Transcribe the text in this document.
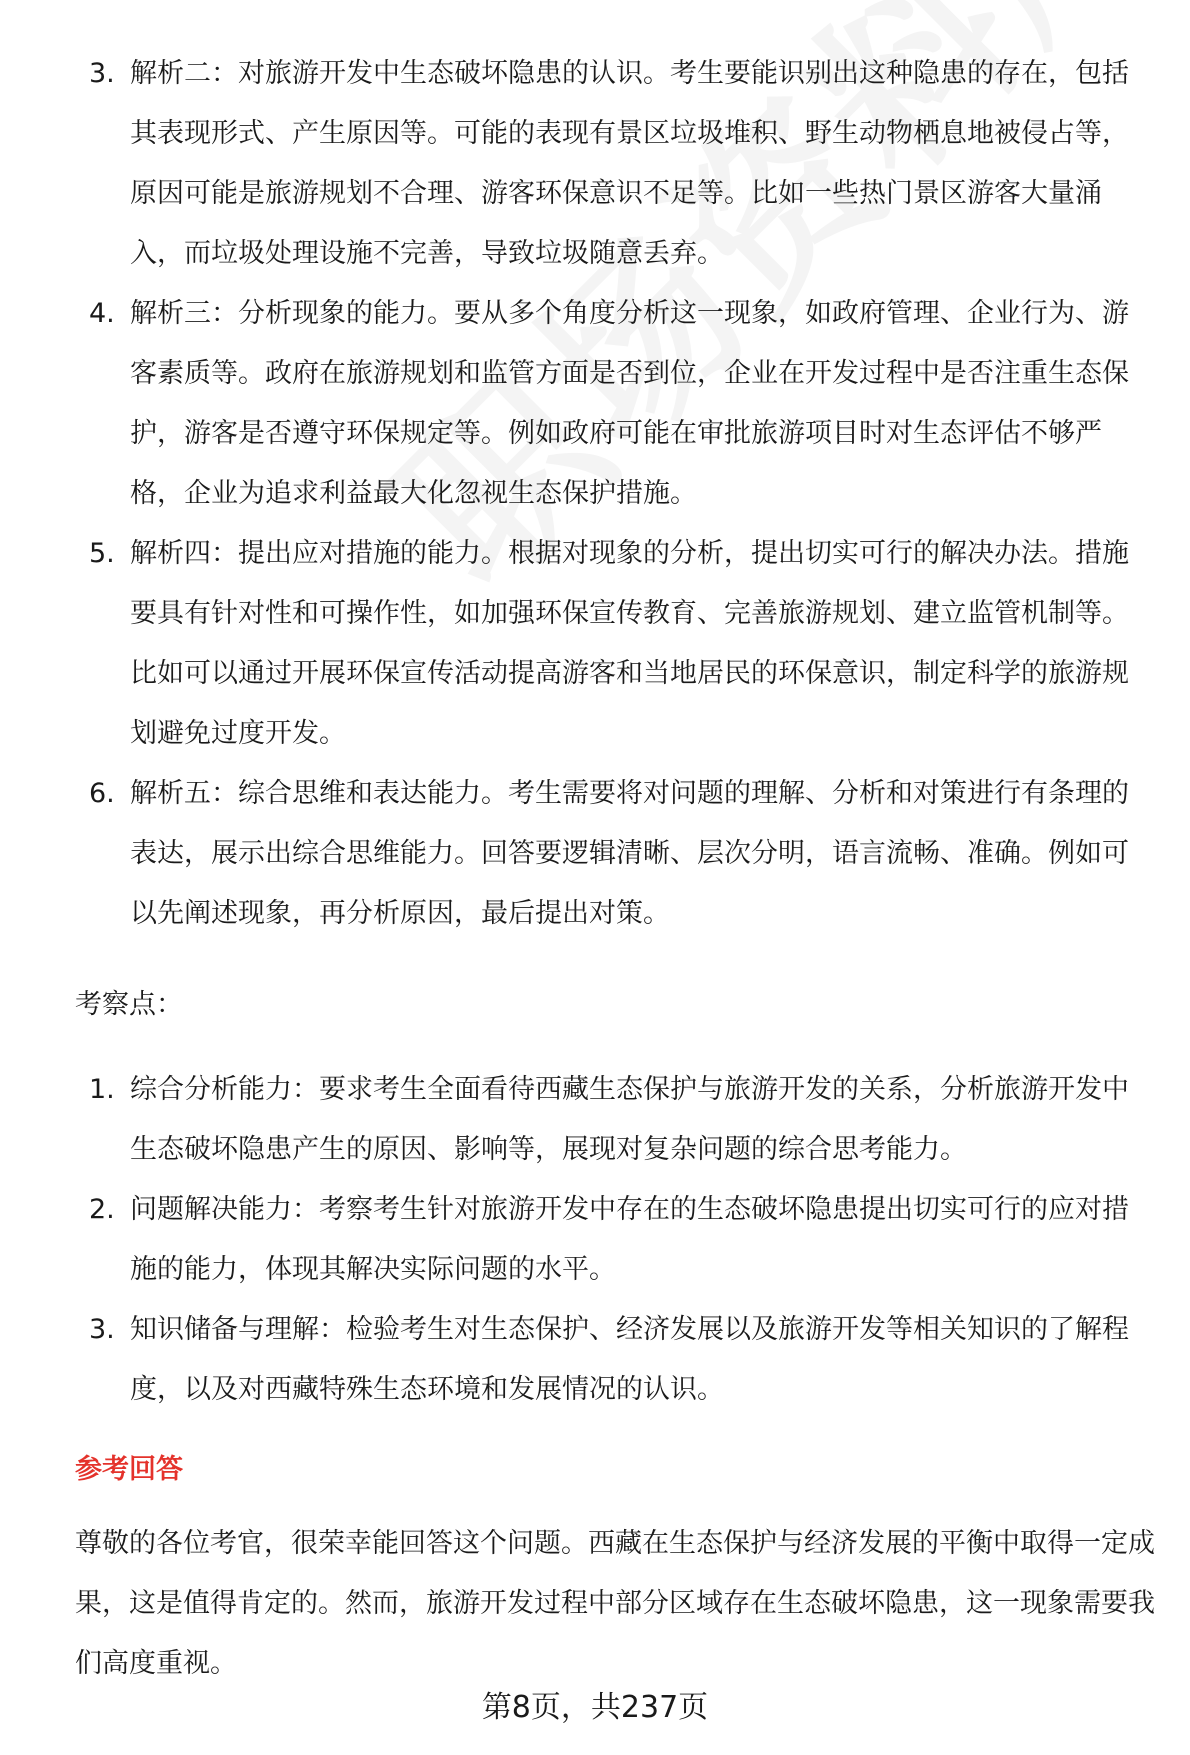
3. 解析二：对旅游开发中生态破坏隐患的认识。考生要能识别出这种隐患的存在，包括其表现形式、产生原因等。可能的表现有景区垃圾堆积、野生动物栖息地被侵占等，原因可能是旅游规划不合理、游客环保意识不足等。比如一些热门景区游客大量涌入，而垃圾处理设施不完善，导致垃圾随意丢弃。
4. 解析三：分析现象的能力。要从多个角度分析这一现象，如政府管理、企业行为、游客素质等。政府在旅游规划和监管方面是否到位，企业在开发过程中是否注重生态保护，游客是否遵守环保规定等。例如政府可能在审批旅游项目时对生态评估不够严格，企业为追求利益最大化忽视生态保护措施。
5. 解析四：提出应对措施的能力。根据对现象的分析，提出切实可行的解决办法。措施要具有针对性和可操作性，如加强环保宣传教育、完善旅游规划、建立监管机制等。比如可以通过开展环保宣传活动提高游客和当地居民的环保意识，制定科学的旅游规划避免过度开发。
6. 解析五：综合思维和表达能力。考生需要将对问题的理解、分析和对策进行有条理的表达，展示出综合思维能力。回答要逻辑清晰、层次分明，语言流畅、准确。例如可以先阐述现象，再分析原因，最后提出对策。
考察点：
1. 综合分析能力：要求考生全面看待西藏生态保护与旅游开发的关系，分析旅游开发中生态破坏隐患产生的原因、影响等，展现对复杂问题的综合思考能力。
2. 问题解决能力：考察考生针对旅游开发中存在的生态破坏隐患提出切实可行的应对措施的能力，体现其解决实际问题的水平。
3. 知识储备与理解：检验考生对生态保护、经济发展以及旅游开发等相关知识的了解程度，以及对西藏特殊生态环境和发展情况的认识。
参考回答

尊敬的各位考官，很荣幸能回答这个问题。西藏在生态保护与经济发展的平衡中取得一定成果，这是值得肯定的。然而，旅游开发过程中部分区域存在生态破坏隐患，这一现象需要我们高度重视。

第8页，共237页
